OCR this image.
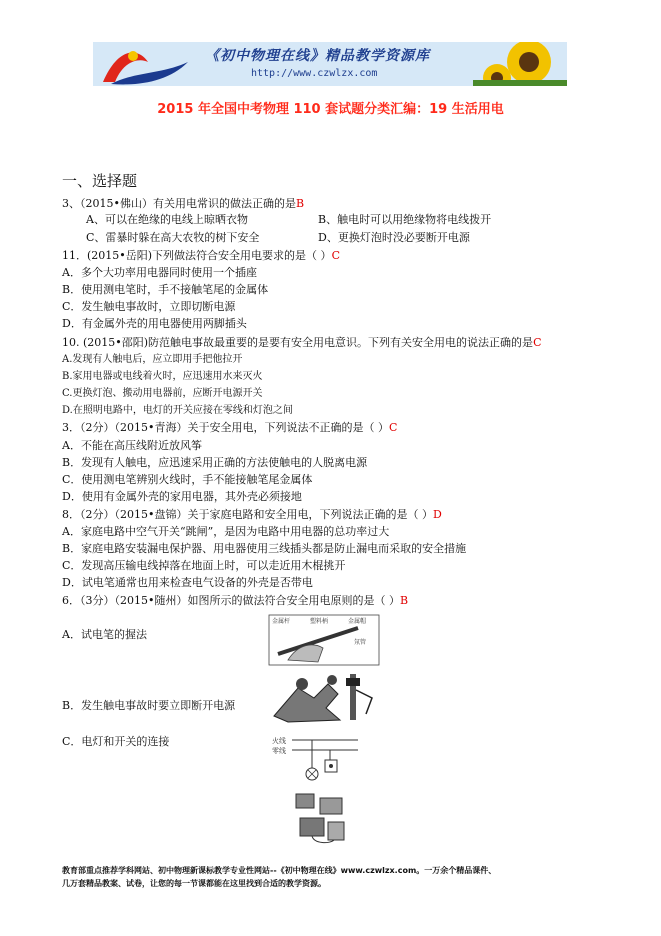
《初中物理在线》精品教学资源库
http://www.czwlzx.com
2015 年全国中考物理 110 套试题分类汇编：19 生活用电
一、选择题
3、（2015•佛山）有关用电常识的做法正确的是B
A、可以在绝缘的电线上晾晒衣物	B、触电时可以用绝缘物将电线拨开
C、雷暴时躲在高大农牧的树下安全	D、更换灯泡时没必要断开电源
11．(2015•岳阳)下列做法符合安全用电要求的是（ ）C
A．多个大功率用电器同时使用一个插座
B．使用测电笔时，手不接触笔尾的金属体
C．发生触电事故时，立即切断电源
D．有金属外壳的用电器使用两脚插头
10. (2015•邵阳)防范触电事故最重要的是要有安全用电意识。下列有关安全用电的说法正确的是C
A.发现有人触电后，应立即用手把他拉开
B.家用电器或电线着火时，应迅速用水来灭火
C.更换灯泡、搬动用电器前，应断开电源开关
D.在照明电路中，电灯的开关应接在零线和灯泡之间
3．（2分）（2015•青海）关于安全用电，下列说法不正确的是（ ）C
A．不能在高压线附近放风筝
B．发现有人触电，应迅速采用正确的方法使触电的人脱离电源
C．使用测电笔辨别火线时，手不能接触笔尾金属体
D．使用有金属外壳的家用电器，其外壳必须接地
8．（2分）（2015•盘锦）关于家庭电路和安全用电，下列说法正确的是（ ）D
A．家庭电路中空气开关“跳闸”，是因为电路中用电器的总功率过大
B．家庭电路安装漏电保护器、用电器使用三线插头都是防止漏电而采取的安全措施
C．发现高压输电线掉落在地面上时，可以走近用木棍挑开
D．试电笔通常也用来检查电气设备的外壳是否带电
6．（3分）（2015•随州）如图所示的做法符合安全用电原则的是（ ）B
A．试电笔的握法
B．发生触电事故时要立即断开电源
C．电灯和开关的连接
金属杆	塑料柄	金属帽
氖管
火线
零线
教育部重点推荐学科网站、初中物理新课标教学专业性网站--《初中物理在线》www.czwlzx.com。一万余个精品课件、
几万套精品教案、试卷，让您的每一节课都能在这里找到合适的教学资源。
